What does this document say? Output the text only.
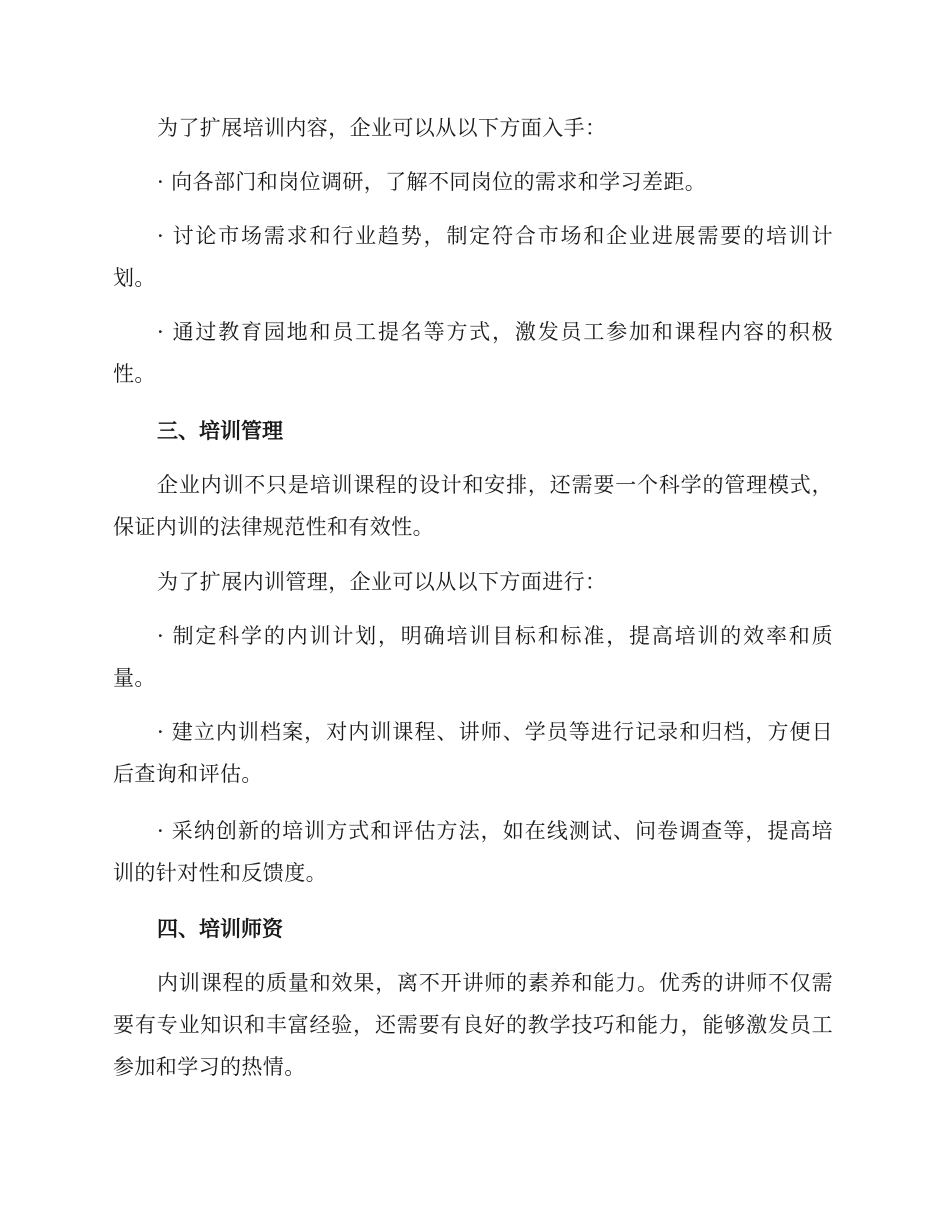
为了扩展培训内容，企业可以从以下方面入手：

· 向各部门和岗位调研，了解不同岗位的需求和学习差距。

· 讨论市场需求和行业趋势，制定符合市场和企业进展需要的培训计划。

· 通过教育园地和员工提名等方式，激发员工参加和课程内容的积极性。

三、培训管理

企业内训不只是培训课程的设计和安排，还需要一个科学的管理模式，保证内训的法律规范性和有效性。

为了扩展内训管理，企业可以从以下方面进行：

· 制定科学的内训计划，明确培训目标和标准，提高培训的效率和质量。

· 建立内训档案，对内训课程、讲师、学员等进行记录和归档，方便日后查询和评估。

· 采纳创新的培训方式和评估方法，如在线测试、问卷调查等，提高培训的针对性和反馈度。

四、培训师资

内训课程的质量和效果，离不开讲师的素养和能力。优秀的讲师不仅需要有专业知识和丰富经验，还需要有良好的教学技巧和能力，能够激发员工参加和学习的热情。
